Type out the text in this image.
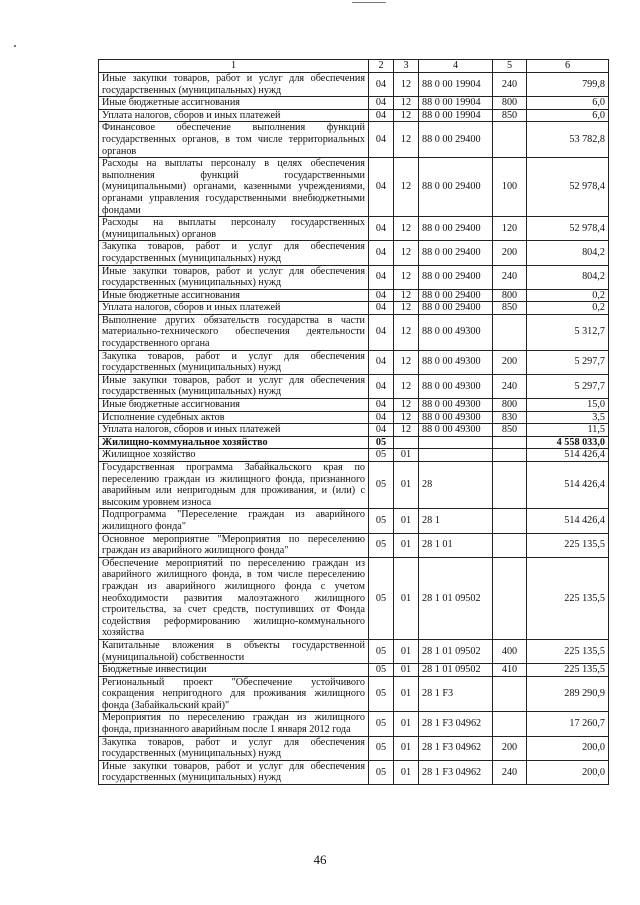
1	2	3	4	5	6
Иные закупки товаров, работ и услуг для обеспечения государственных (муниципальных) нужд	04	12	88 0 00 19904	240	799,8
Иные бюджетные ассигнования	04	12	88 0 00 19904	800	6,0
Уплата налогов, сборов и иных платежей	04	12	88 0 00 19904	850	6,0
Финансовое обеспечение выполнения функций государственных органов, в том числе территориальных органов	04	12	88 0 00 29400		53 782,8
Расходы на выплаты персоналу в целях обеспечения выполнения функций государственными (муниципальными) органами, казенными учреждениями, органами управления государственными внебюджетными фондами	04	12	88 0 00 29400	100	52 978,4
Расходы на выплаты персоналу государственных (муниципальных) органов	04	12	88 0 00 29400	120	52 978,4
Закупка товаров, работ и услуг для обеспечения государственных (муниципальных) нужд	04	12	88 0 00 29400	200	804,2
Иные закупки товаров, работ и услуг для обеспечения государственных (муниципальных) нужд	04	12	88 0 00 29400	240	804,2
Иные бюджетные ассигнования	04	12	88 0 00 29400	800	0,2
Уплата налогов, сборов и иных платежей	04	12	88 0 00 29400	850	0,2
Выполнение других обязательств государства в части материально-технического обеспечения деятельности государственного органа	04	12	88 0 00 49300		5 312,7
Закупка товаров, работ и услуг для обеспечения государственных (муниципальных) нужд	04	12	88 0 00 49300	200	5 297,7
Иные закупки товаров, работ и услуг для обеспечения государственных (муниципальных) нужд	04	12	88 0 00 49300	240	5 297,7
Иные бюджетные ассигнования	04	12	88 0 00 49300	800	15,0
Исполнение судебных актов	04	12	88 0 00 49300	830	3,5
Уплата налогов, сборов и иных платежей	04	12	88 0 00 49300	850	11,5
Жилищно-коммунальное хозяйство	05				4 558 033,0
Жилищное хозяйство	05	01			514 426,4
Государственная программа Забайкальского края по переселению граждан из жилищного фонда, признанного аварийным или непригодным для проживания, и (или) с высоким уровнем износа	05	01	28		514 426,4
Подпрограмма "Переселение граждан из аварийного жилищного фонда"	05	01	28 1		514 426,4
Основное мероприятие "Мероприятия по переселению граждан из аварийного жилищного фонда"	05	01	28 1 01		225 135,5
Обеспечение мероприятий по переселению граждан из аварийного жилищного фонда, в том числе переселению граждан из аварийного жилищного фонда с учетом необходимости развития малоэтажного жилищного строительства, за счет средств, поступивших от Фонда содействия реформированию жилищно-коммунального хозяйства	05	01	28 1 01 09502		225 135,5
Капитальные вложения в объекты государственной (муниципальной) собственности	05	01	28 1 01 09502	400	225 135,5
Бюджетные инвестиции	05	01	28 1 01 09502	410	225 135,5
Региональный проект "Обеспечение устойчивого сокращения непригодного для проживания жилищного фонда (Забайкальский край)"	05	01	28 1 F3		289 290,9
Мероприятия по переселению граждан из жилищного фонда, признанного аварийным после 1 января 2012 года	05	01	28 1 F3 04962		17 260,7
Закупка товаров, работ и услуг для обеспечения государственных (муниципальных) нужд	05	01	28 1 F3 04962	200	200,0
Иные закупки товаров, работ и услуг для обеспечения государственных (муниципальных) нужд	05	01	28 1 F3 04962	240	200,0
46
